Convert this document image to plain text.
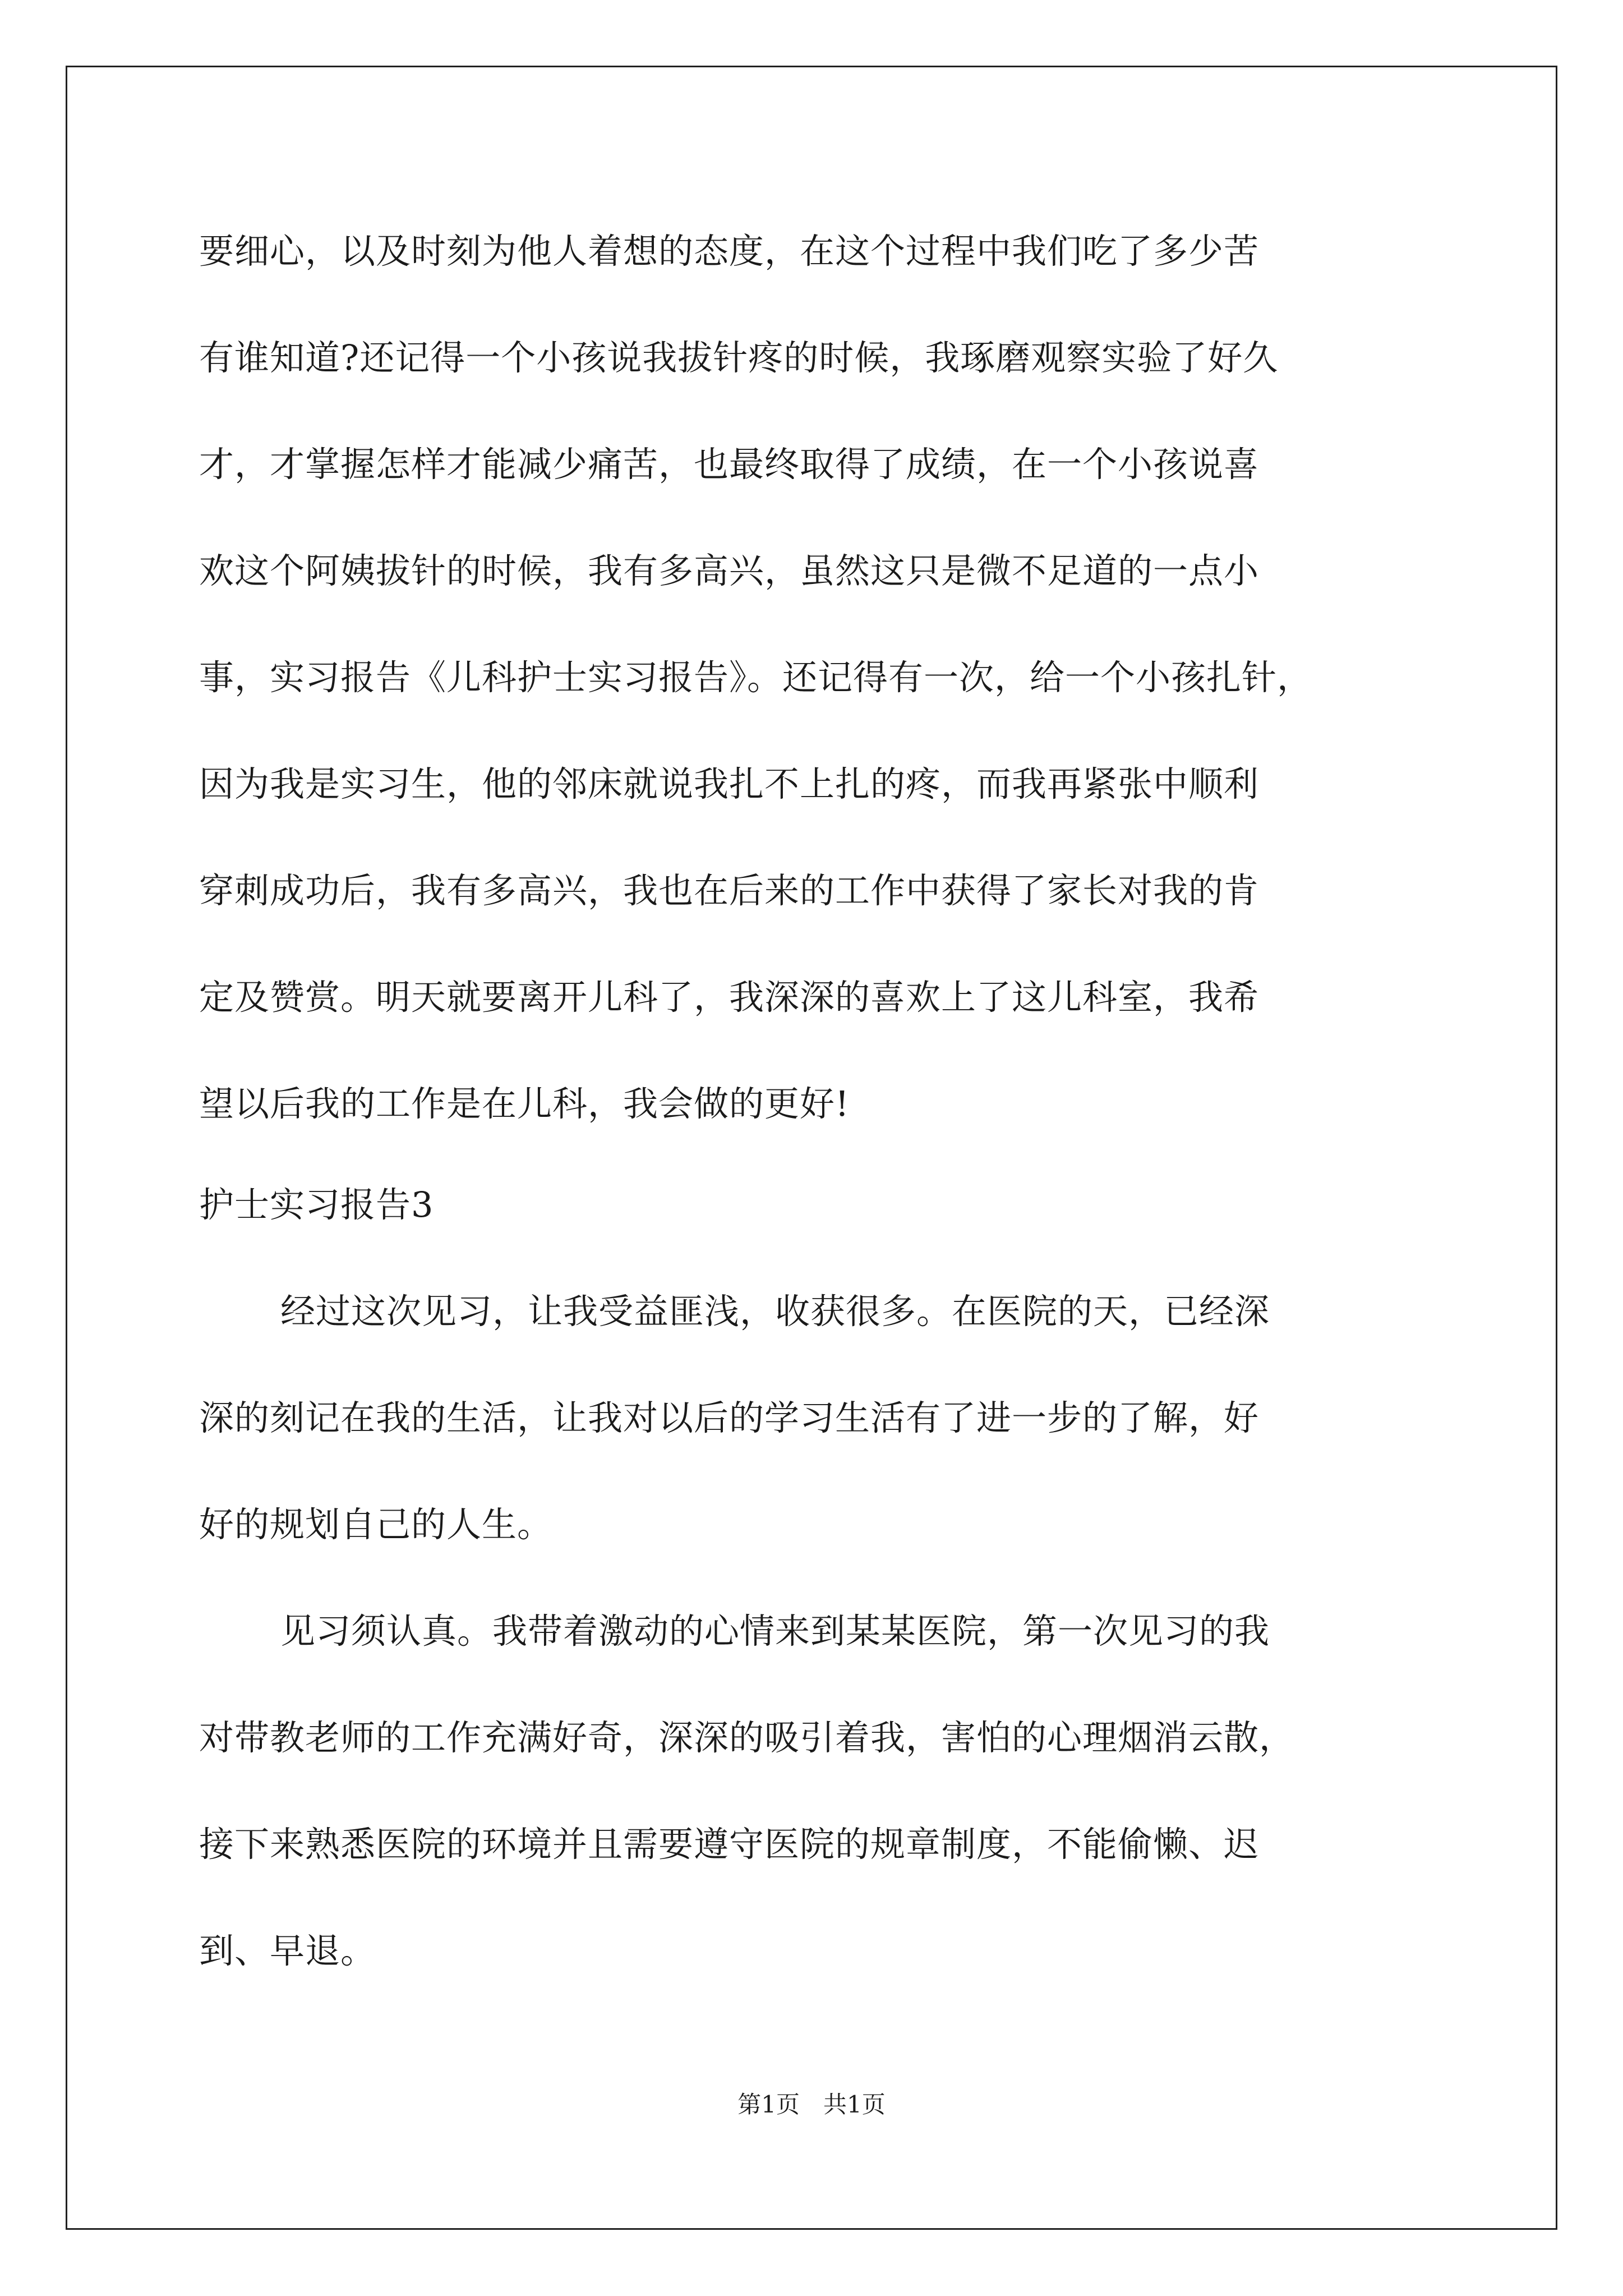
要细心，以及时刻为他人着想的态度，在这个过程中我们吃了多少苦
有谁知道?还记得一个小孩说我拔针疼的时候，我琢磨观察实验了好久
才，才掌握怎样才能减少痛苦，也最终取得了成绩，在一个小孩说喜
欢这个阿姨拔针的时候，我有多高兴，虽然这只是微不足道的一点小
事，实习报告《儿科护士实习报告》。还记得有一次，给一个小孩扎针，
因为我是实习生，他的邻床就说我扎不上扎的疼，而我再紧张中顺利
穿刺成功后，我有多高兴，我也在后来的工作中获得了家长对我的肯
定及赞赏。明天就要离开儿科了，我深深的喜欢上了这儿科室，我希
望以后我的工作是在儿科，我会做的更好!
护士实习报告3
经过这次见习，让我受益匪浅，收获很多。在医院的天，已经深
深的刻记在我的生活，让我对以后的学习生活有了进一步的了解，好
好的规划自己的人生。
见习须认真。我带着激动的心情来到某某医院，第一次见习的我
对带教老师的工作充满好奇，深深的吸引着我，害怕的心理烟消云散，
接下来熟悉医院的环境并且需要遵守医院的规章制度，不能偷懒、迟
到、早退。
第1页　共1页
